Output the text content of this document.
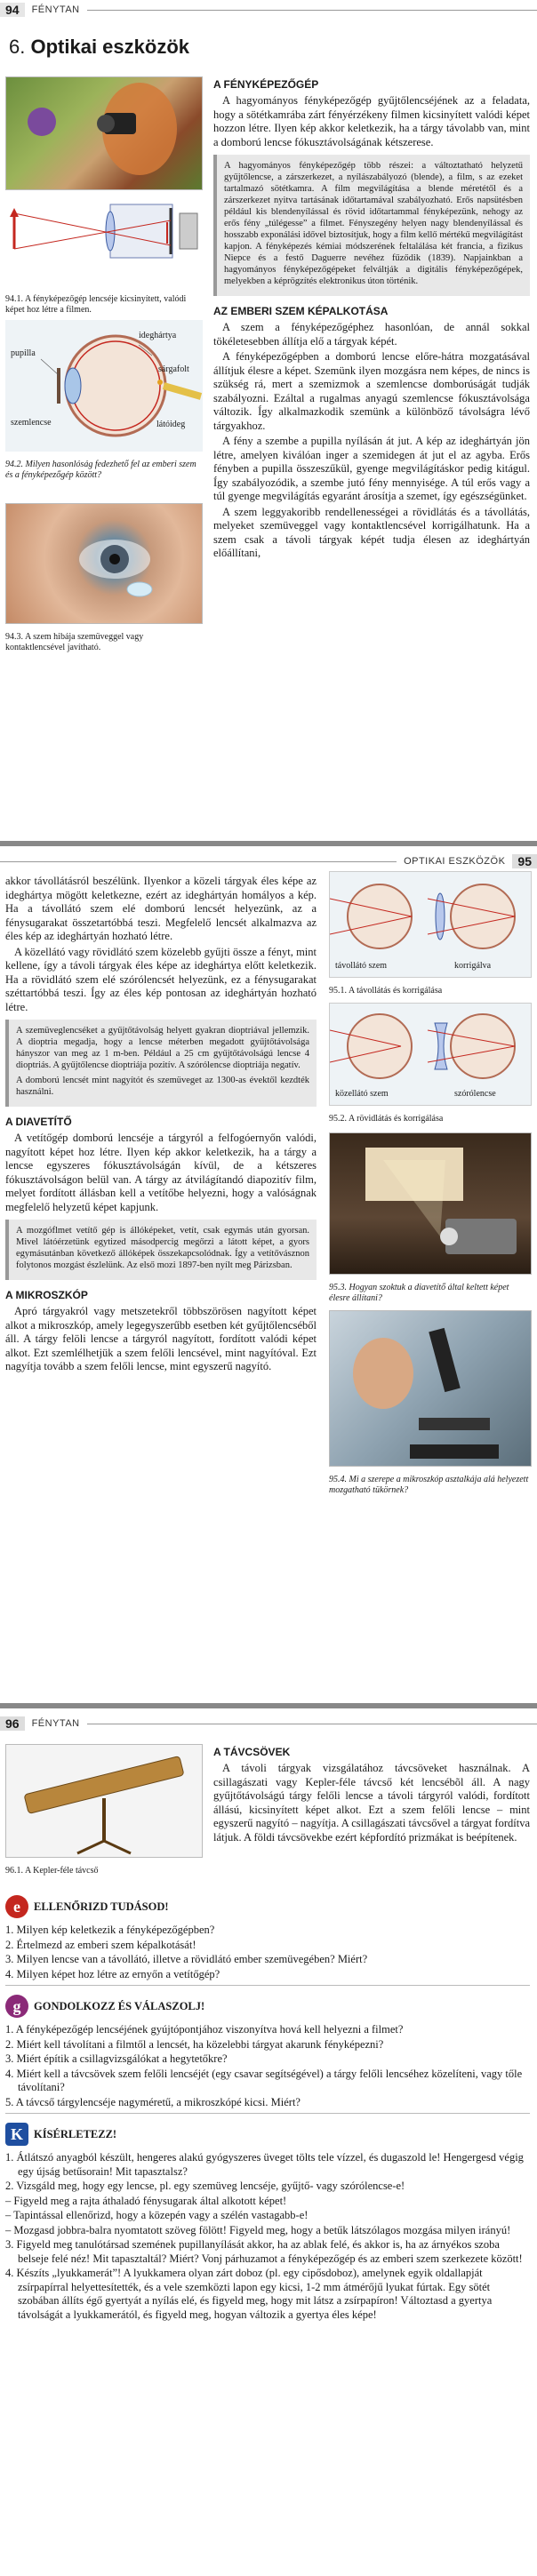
94	FÉNYTAN
6. Optikai eszközök
94.1. A fényképezőgép lencséje kicsinyített, valódi képet hoz létre a filmen.
pupilla
ideghártya
sárgafolt
szemlencse	látóideg
94.2. Milyen hasonlóság fedezhető fel az emberi szem és a fényképezőgép között?
94.3. A szem hibája szemüveggel vagy kontaktlencsével javítható.
A FÉNYKÉPEZŐGÉP

A hagyományos fényképezőgép gyűjtőlencséjének az a feladata, hogy a sötétkamrába zárt fényérzékeny filmen kicsinyített valódi képet hozzon létre. Ilyen kép akkor keletkezik, ha a tárgy távolabb van, mint a domború lencse fókusztávolságának kétszerese.

A hagyományos fényképezőgép több részei: a változtatható helyzetű gyűjtőlencse, a zárszerkezet, a nyílászabályozó (blende), a film, s az ezeket tartalmazó sötétkamra. A film megvilágítása a blende méretétől és a zárszerkezet nyitva tartásának időtartamával szabályozható. Erős napsütésben például kis blendenyílással és rövid időtartammal fényképezünk, nehogy az erős fény „túlégesse” a filmet. Fényszegény helyen nagy blendenyílással és hosszabb exponálási idővel biztosítjuk, hogy a film kellő mértékű megvilágítást kapjon. A fényképezés kémiai módszerének feltalálása két francia, a fizikus Niepce és a festő Daguerre nevéhez fűződik (1839). Napjainkban a hagyományos fényképezőgépeket felváltják a digitális fényképezőgépek, melyekben a képrögzítés elektronikus úton történik.

AZ EMBERI SZEM KÉPALKOTÁSA

A szem a fényképezőgéphez hasonlóan, de annál sokkal tökéletesebben állítja elő a tárgyak képét.

A fényképezőgépben a domború lencse előre-hátra mozgatásával állítjuk élesre a képet. Szemünk ilyen mozgásra nem képes, de nincs is szükség rá, mert a szemizmok a szemlencse domborúságát tudják szabályozni. Ezáltal a rugalmas anyagú szemlencse fókusztávolsága változik. Így alkalmazkodik szemünk a különböző távolságra lévő tárgyakhoz.

A fény a szembe a pupilla nyílásán át jut. A kép az ideghártyán jön létre, amelyen kiválóan inger a szemidegen át jut el az agyba. Erős fényben a pupilla összeszűkül, gyenge megvilágításkor pedig kitágul. Így szabályozódik, a szembe jutó fény mennyisége. A túl erős vagy a túl gyenge megvilágítás egyaránt árosítja a szemet, így egészségünket.

A szem leggyakoribb rendellenességei a rövidlátás és a távollátás, melyeket szemüveggel vagy kontaktlencsével korrigálhatunk. Ha a szem csak a távoli tárgyak képét tudja élesen az ideghártyán előállítani,

OPTIKAI ESZKÖZÖK	95

akkor távollátásról beszélünk. Ilyenkor a közeli tárgyak éles képe az ideghártya mögött keletkezne, ezért az ideghártyán homályos a kép. Ha a távollátó szem elé domború lencsét helyezünk, az a fénysugarakat összetartóbbá teszi. Megfelelő lencsét alkalmazva az éles kép az ideghártyán hozható létre.

A közellátó vagy rövidlátó szem közelebb gyűjti össze a fényt, mint kellene, így a távoli tárgyak éles képe az ideghártya előtt keletkezik. Ha a rövidlátó szem elé szórólencsét helyezünk, ez a fénysugarakat széttartóbbá teszi. Így az éles kép pontosan az ideghártyán hozható létre.

A szemüveglencséket a gyűjtőtávolság helyett gyakran dioptriával jellemzik. A dioptria megadja, hogy a lencse méterben megadott gyűjtőtávolsága hányszor van meg az 1 m-ben. Például a 25 cm gyűjtőtávolságú lencse 4 dioptriás. A gyűjtőlencse dioptriája pozitív. A szórólencse dioptriája negatív.

A domború lencsét mint nagyítót és szemüveget az 1300-as évektől kezdték használni.

A DIAVETÍTŐ

A vetítőgép domború lencséje a tárgyról a felfogóernyőn valódi, nagyított képet hoz létre. Ilyen kép akkor keletkezik, ha a tárgy a lencse egyszeres fókusztávolságán kívül, de a kétszeres fókusztávolságon belül van. A tárgy az átvilágítandó diapozitív film, melyet fordított állásban kell a vetítőbe helyezni, hogy a valóságnak megfelelő helyzetű képet kapjunk.

A mozgóflmet vetítő gép is állóképeket, vetít, csak egymás után gyorsan. Mivel látóérzetünk egytized másodpercig megőrzi a látott képet, a gyors egymásutánban következő állóképek összekapcsolódnak. Így a vetítővásznon folytonos mozgást észlelünk. Az első mozi 1897-ben nyílt meg Párizsban.

A MIKROSZKÓP

Apró tárgyakról vagy metszetekről többszörösen nagyított képet alkot a mikroszkóp, amely legegyszerűbb esetben két gyűjtőlencséből áll. A tárgy felöli lencse a tárgyról nagyított, fordított valódi képet alkot. Ezt szemlélhetjük a szem felőli lencsével, mint nagyítóval. Ezt nagyítja tovább a szem felőli lencse, mint egyszerű nagyító.

távollátó szem	korrigálva
95.1. A távollátás és korrigálása
közellátó szem	szórólencse
95.2. A rövidlátás és korrigálása
95.3. Hogyan szoktuk a diavetítő által keltett képet élesre állítani?
95.4. Mi a szerepe a mikroszkóp asztalkája alá helyezett mozgatható tükörnek?
96	FÉNYTAN
96.1. A Kepler-féle távcső
A TÁVCSÖVEK

A távoli tárgyak vizsgálatához távcsöveket használnak. A csillagászati vagy Kepler-féle távcső két lencsébõl áll. A nagy gyűjtőtávolságú tárgy felőli lencse a távoli tárgyról valódi, fordított állású, kicsinyített képet alkot. Ezt a szem felőli lencse – mint egyszerű nagyító – nagyítja. A csillagászati távcsővel a tárgyat fordítva látjuk. A földi távcsövekbe ezért képfordító prizmákat is beépítenek.

e	ELLENŐRIZD TUDÁSOD!
1. Milyen kép keletkezik a fényképezőgépben?
2. Értelmezd az emberi szem képalkotását!
3. Milyen lencse van a távollátó, illetve a rövidlátó ember szemüvegében? Miért?
4. Milyen képet hoz létre az ernyőn a vetítőgép?
g	GONDOLKOZZ ÉS VÁLASZOLJ!
1. A fényképezőgép lencséjének gyújtópontjához viszonyítva hová kell helyezni a filmet?
2. Miért kell távolítani a filmtől a lencsét, ha közelebbi tárgyat akarunk fényképezni?
3. Miért építik a csillagvizsgálókat a hegytetőkre?
4. Miért kell a távcsövek szem felőli lencséjét (egy csavar segítségével) a tárgy felőli lencséhez közelíteni, vagy tőle távolítani?
5. A távcső tárgylencséje nagyméretű, a mikroszkópé kicsi. Miért?
K KÍSÉRLETEZZ!
1. Átlátszó anyagból készült, hengeres alakú gyógyszeres üveget tölts tele vízzel, és dugaszold le! Hengergesd végig egy újság betűsorain! Mit tapasztalsz?
2. Vizsgáld meg, hogy egy lencse, pl. egy szemüveg lencséje, gyűjtő- vagy szórólencse-e!
– Figyeld meg a rajta áthaladó fénysugarak által alkotott képet!
– Tapintással ellenőrizd, hogy a közepén vagy a szélén vastagabb-e!
– Mozgasd jobbra-balra nyomtatott szöveg fölött! Figyeld meg, hogy a betűk látszólagos mozgása milyen irányú!
3. Figyeld meg tanulótársad szemének pupillanyílását akkor, ha az ablak felé, és akkor is, ha az árnyékos szoba belseje felé néz! Mit tapasztaltál? Miért? Vonj párhuzamot a fényképezőgép és az emberi szem szerkezete között!
4. Készíts „lyukkamerát”! A lyukkamera olyan zárt doboz (pl. egy cipősdoboz), amelynek egyik oldallapját zsírpapírral helyettesítették, és a vele szemközti lapon egy kicsi, 1-2 mm átmérőjű lyukat fúrtak. Egy sötét szobában állíts égő gyertyát a nyílás elé, és figyeld meg, hogy mit látsz a zsírpapíron! Változtasd a gyertya távolságát a lyukkamerától, és figyeld meg, hogyan változik a gyertya éles képe!
